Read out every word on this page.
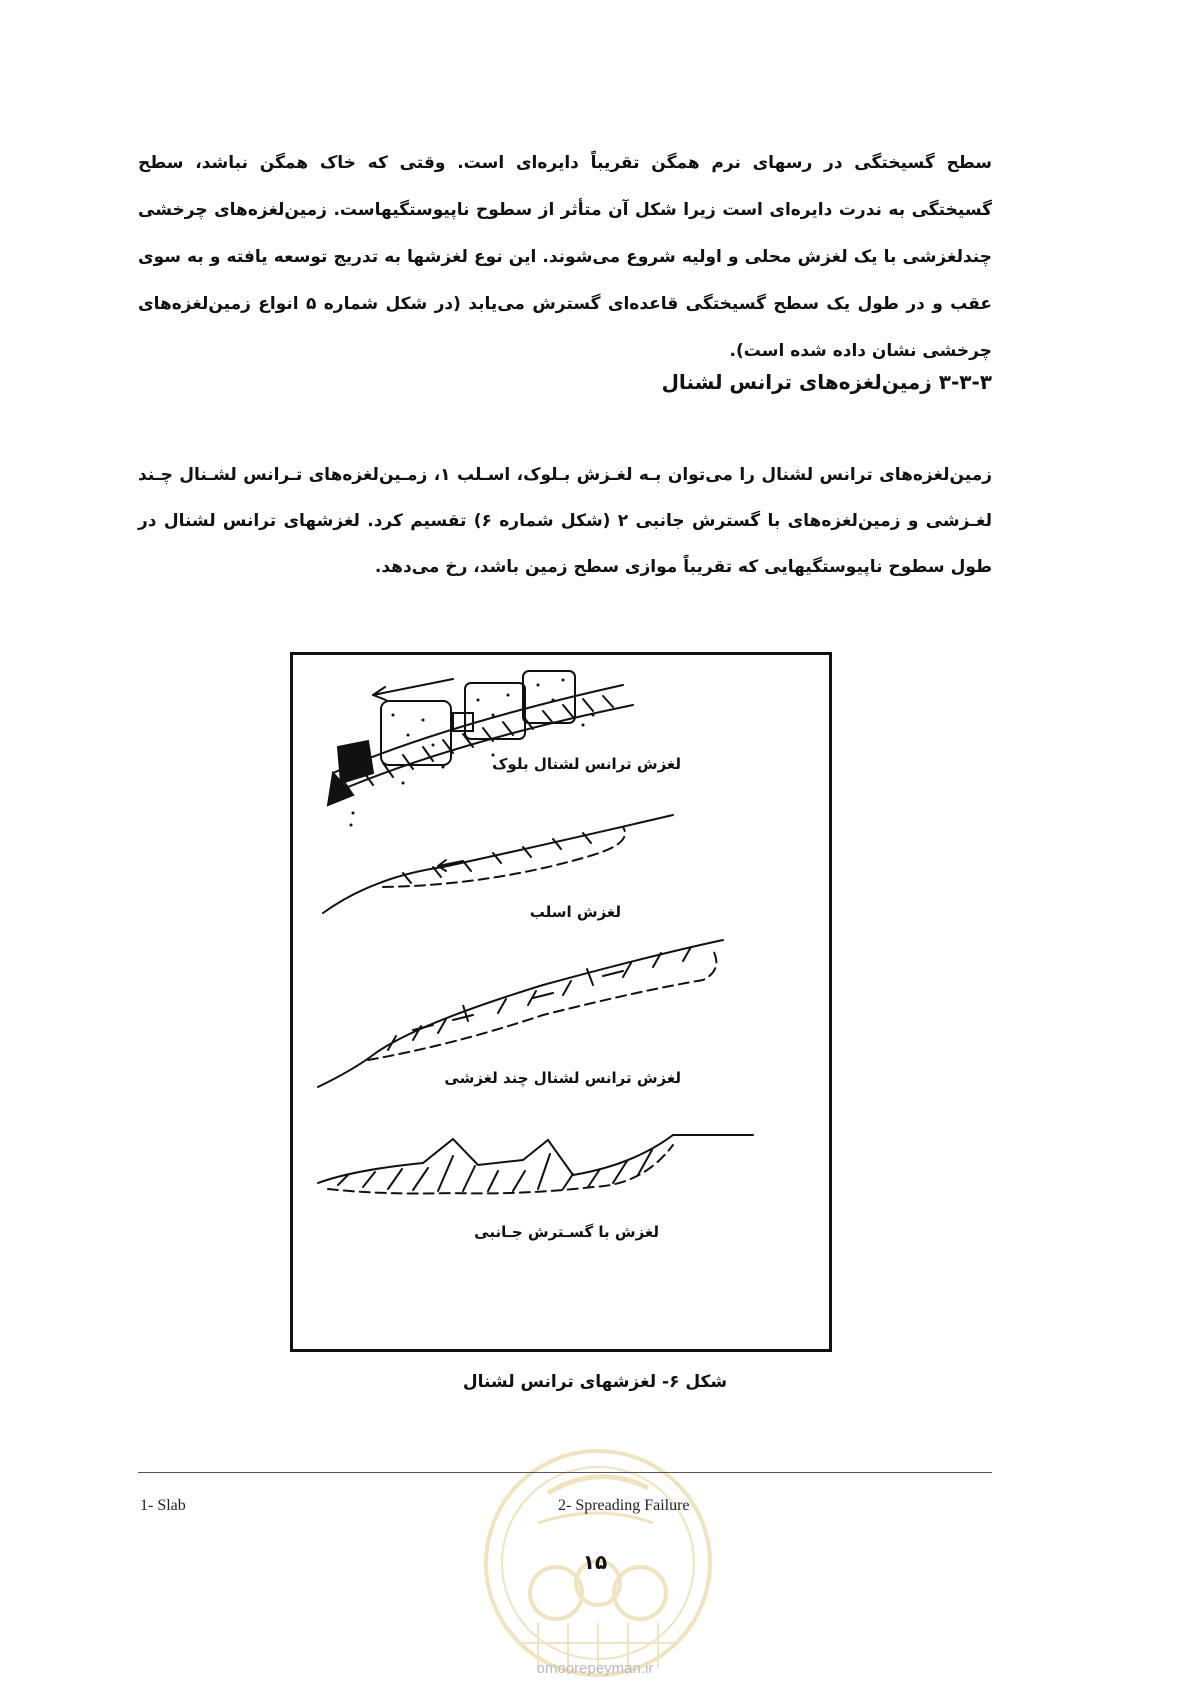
سطح گسیختگی در رسهای نرم همگن تقریباً دایره‌ای است. وقتی که خاک همگن نباشد، سطح گسیختگی به ندرت دایره‌ای است زیرا شکل آن متأثر از سطوح ناپیوستگیهاست. زمین‌لغزه‌های چرخشی چندلغزشی با یک لغزش محلی و اولیه شروع می‌شوند. این نوع لغزشها به تدریج توسعه یافته و به سوی عقب و در طول یک سطح گسیختگی قاعده‌ای گسترش می‌یابد (در شکل شماره ۵ انواع زمین‌لغزه‌های چرخشی نشان داده شده است).
۳-۳-۳ زمین‌لغزه‌های ترانس لشنال
زمین‌لغزه‌های ترانس لشنال را می‌توان بـه لغـزش بـلوک، اسـلب ۱، زمـین‌لغزه‌های تـرانس لشـنال چـند لغـزشی و زمین‌لغزه‌های با گسترش جانبی ۲ (شکل شماره ۶) تقسیم کرد. لغزشهای ترانس لشنال در طول سطوح ناپیوستگیهایی که تقریباً موازی سطح زمین باشد، رخ می‌دهد.
لغزش ترانس لشنال بلوک
لغزش اسلب
لغزش ترانس لشنال چند لغزشی
لغزش با گسـترش جـانبی
شکل ۶- لغزشهای ترانس لشنال
1- Slab	2- Spreading Failure
۱۵
omoorepeyman.ir
